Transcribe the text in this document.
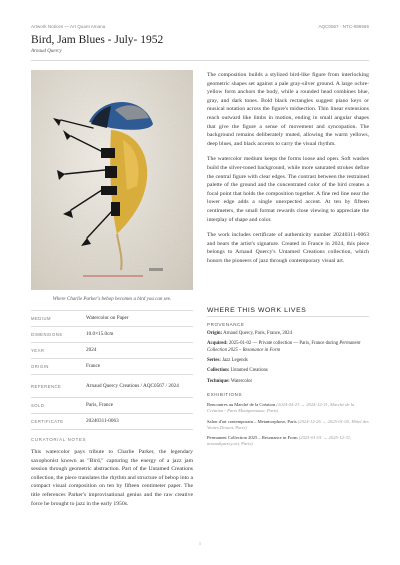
Artwork Notices — Art Quant Amana	AQC0567 · NTC-996565
Bird, Jam Blues - July- 1952
Arnaud Quercy
Where Charlie Parker's bebop becomes a bird you can see.
MEDIUM	Watercolor on Paper
DIMENSIONS	10.0×15.0cm
YEAR	2024
ORIGIN	France
REFERENCE	Arnaud Quercy Creations / AQC0567 / 2024
SOLD	Paris, France
CERTIFICATE	20240311-0063
CURATORIAL NOTES
This watercolor pays tribute to Charlie Parker, the legendary saxophonist known as "Bird," capturing the energy of a jazz jam session through geometric abstraction. Part of the Untamed Creations collection, the piece translates the rhythm and structure of bebop into a compact visual composition on ten by fifteen centimeter paper. The title references Parker's improvisational genius and the raw creative force he brought to jazz in the early 1950s.

The composition builds a stylized bird-like figure from interlocking geometric shapes set against a pale gray-silver ground. A large ochre-yellow form anchors the body, while a rounded head combines blue, gray, and dark tones. Bold black rectangles suggest piano keys or musical notation across the figure's midsection. Thin linear extensions reach outward like limbs in motion, ending in small angular shapes that give the figure a sense of movement and syncopation. The background remains deliberately muted, allowing the warm yellows, deep blues, and black accents to carry the visual rhythm.

The watercolor medium keeps the forms loose and open. Soft washes build the silver-toned background, while more saturated strokes define the central figure with clear edges. The contrast between the restrained palette of the ground and the concentrated color of the bird creates a focal point that holds the composition together. A fine red line near the lower edge adds a single unexpected accent. At ten by fifteen centimeters, the small format rewards close viewing to appreciate the interplay of shape and color.

The work includes certificate of authenticity number 20240311-0063 and bears the artist's signature. Created in France in 2024, this piece belongs to Arnaud Quercy's Untamed Creations collection, which honors the pioneers of jazz through contemporary visual art.

WHERE THIS WORK LIVES
PROVENANCE
Origin: Arnaud Quercy, Paris, France, 2024
Acquired: 2025-01-02 — Private collection — Paris, France during Permanent Collection 2025 – Resonance in Form
Series: Jazz Legends
Collection: Untamed Creations
Technique: Watercolor
EXHIBITIONS
Rencontres au Marché de la Création (2024-04-23 → 2024-12-31, Marché de la Création - Paris Montparnasse, Paris)
Salon d'art contemporain – Metamorphose, Paris (2024-12-26 → 2025-01-05, Hôtel des Ventes Drouot, Paris)
Permanent Collection 2025 – Resonance in Form (2025-01-01 → 2025-12-31, arnaudquercy.art, Paris)
1
